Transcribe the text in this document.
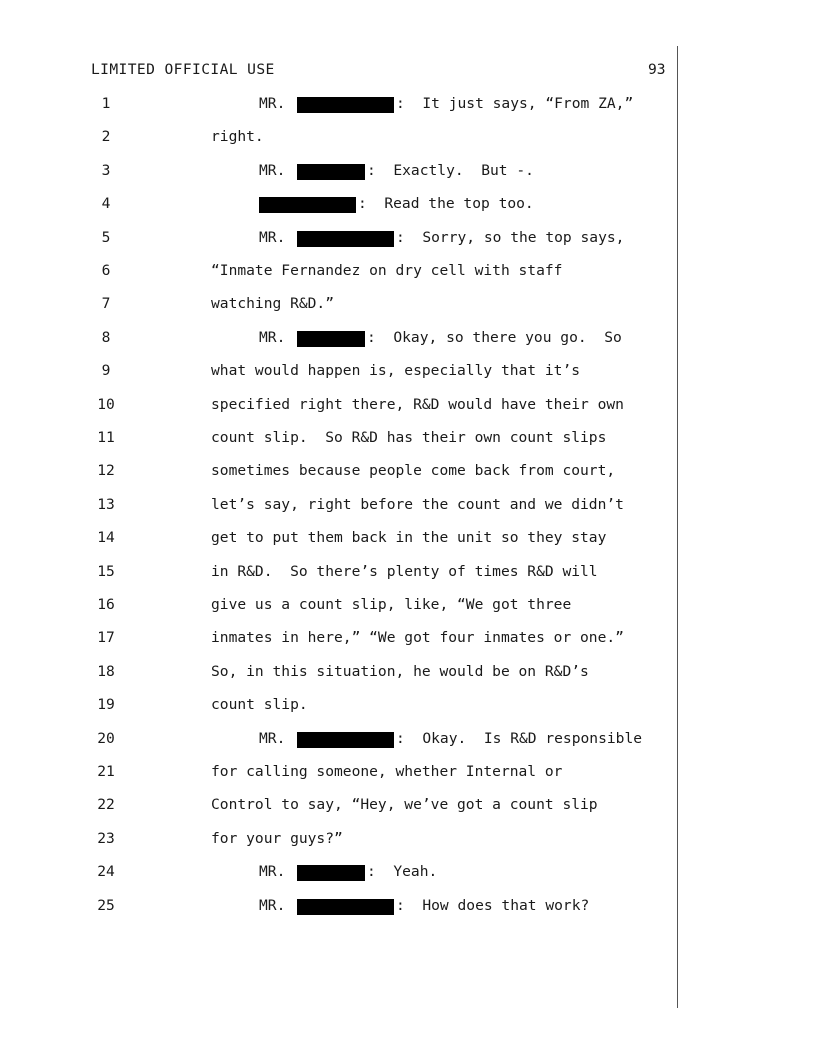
LIMITED OFFICIAL USE	93
1	MR.	:  It just says, “From ZA,”
2	right.
3	MR.	:  Exactly.  But -.
4	:  Read the top too.
5	MR.	:  Sorry, so the top says,
6	“Inmate Fernandez on dry cell with staff
7	watching R&D.”
8	MR.	:  Okay, so there you go.  So
9	what would happen is, especially that it’s
10	specified right there, R&D would have their own
11	count slip.  So R&D has their own count slips
12	sometimes because people come back from court,
13	let’s say, right before the count and we didn’t
14	get to put them back in the unit so they stay
15	in R&D.  So there’s plenty of times R&D will
16	give us a count slip, like, “We got three
17	inmates in here,” “We got four inmates or one.”
18	So, in this situation, he would be on R&D’s
19	count slip.
20	MR.	:  Okay.  Is R&D responsible
21	for calling someone, whether Internal or
22	Control to say, “Hey, we’ve got a count slip
23	for your guys?”
24	MR.	:  Yeah.
25	MR.	:  How does that work?
